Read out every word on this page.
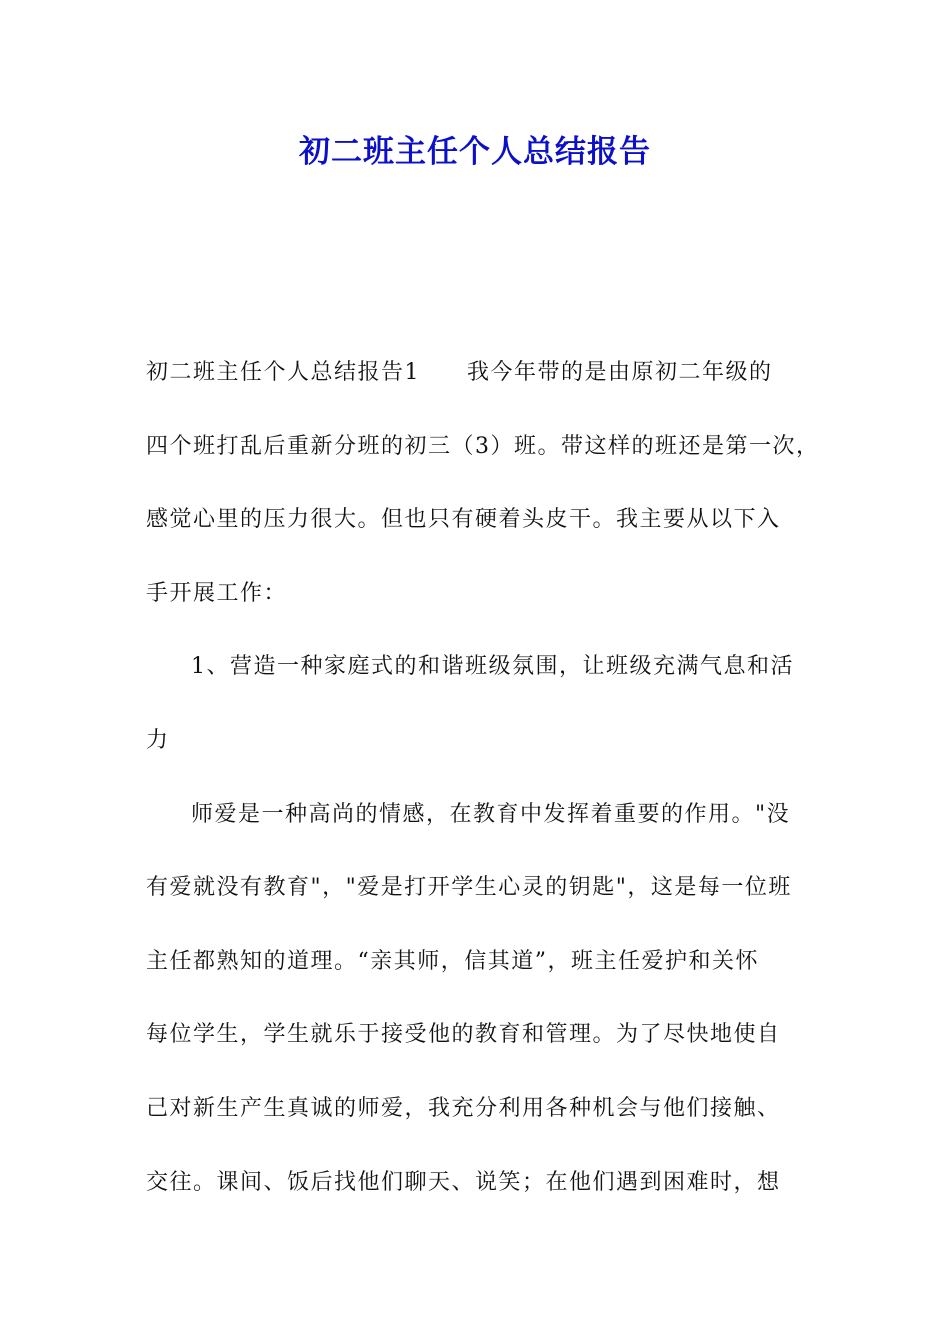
初二班主任个人总结报告
初二班主任个人总结报告1　　我今年带的是由原初二年级的
四个班打乱后重新分班的初三（3）班。带这样的班还是第一次，
感觉心里的压力很大。但也只有硬着头皮干。我主要从以下入
手开展工作：
1、营造一种家庭式的和谐班级氛围，让班级充满气息和活
力
师爱是一种高尚的情感，在教育中发挥着重要的作用。"没
有爱就没有教育"，"爱是打开学生心灵的钥匙"，这是每一位班
主任都熟知的道理。“亲其师，信其道”，班主任爱护和关怀
每位学生，学生就乐于接受他的教育和管理。为了尽快地使自
己对新生产生真诚的师爱，我充分利用各种机会与他们接触、
交往。课间、饭后找他们聊天、说笑；在他们遇到困难时，想
